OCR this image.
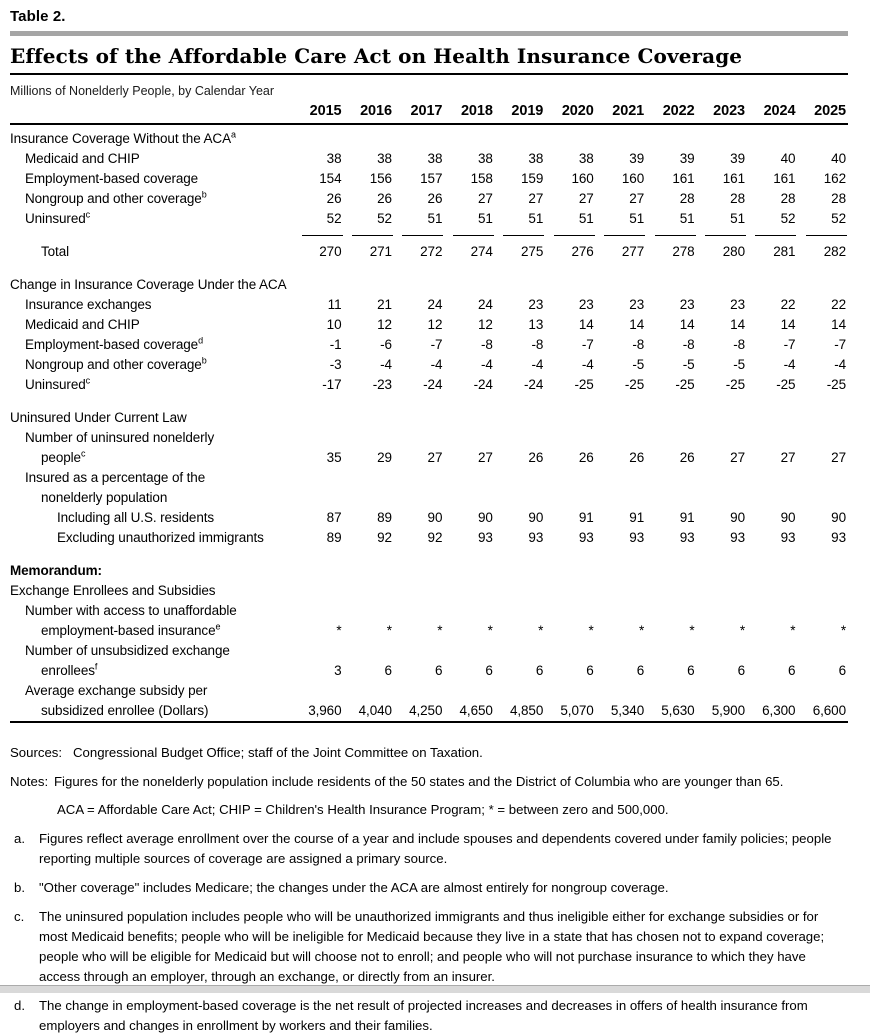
Table 2.
Effects of the Affordable Care Act on Health Insurance Coverage
Millions of Nonelderly People, by Calendar Year
	2015	2016	2017	2018	2019	2020	2021	2022	2023	2024	2025
Insurance Coverage Without the ACA$^a$
Medicaid and CHIP	38	38	38	38	38	38	39	39	39	40	40
Employment-based coverage	154	156	157	158	159	160	160	161	161	161	162
Nongroup and other coverage$^b$	26	26	26	27	27	27	27	28	28	28	28
Uninsured$^c$	52	52	51	51	51	51	51	51	51	52	52

Total	270	271	272	274	275	276	277	278	280	281	282
Change in Insurance Coverage Under the ACA											
Insurance exchanges	11	21	24	24	23	23	23	23	23	22	22
Medicaid and CHIP	10	12	12	12	13	14	14	14	14	14	14
Employment-based coverage$^d$	-1	-6	-7	-8	-8	-7	-8	-8	-8	-7	-7
Nongroup and other coverage$^b$	-3	-4	-4	-4	-4	-4	-5	-5	-5	-4	-4
Uninsured$^c$	-17	-23	-24	-24	-24	-25	-25	-25	-25	-25	-25
Uninsured Under Current Law											
Number of uninsured nonelderly											
people$^c$	35	29	27	27	26	26	26	26	27	27	27
Insured as a percentage of the											
nonelderly population											
Including all U.S. residents	87	89	90	90	90	91	91	91	90	90	90
Excluding unauthorized immigrants	89	92	92	93	93	93	93	93	93	93	93
Memorandum:											
Exchange Enrollees and Subsidies											
Number with access to unaffordable											
employment-based insurance$^e$	*	*	*	*	*	*	*	*	*	*	*
Number of unsubsidized exchange											
enrollees$^f$	3	6	6	6	6	6	6	6	6	6	6
Average exchange subsidy per											
subsidized enrollee (Dollars)	3,960	4,040	4,250	4,650	4,850	5,070	5,340	5,630	5,900	6,300	6,600
Sources: Congressional Budget Office; staff of the Joint Committee on Taxation.
Notes: Figures for the nonelderly population include residents of the 50 states and the District of Columbia who are younger than 65.
ACA = Affordable Care Act; CHIP = Children's Health Insurance Program; * = between zero and 500,000.
a.	Figures reflect average enrollment over the course of a year and include spouses and dependents covered under family policies; people reporting multiple sources of coverage are assigned a primary source.
b.	"Other coverage" includes Medicare; the changes under the ACA are almost entirely for nongroup coverage.
c.	The uninsured population includes people who will be unauthorized immigrants and thus ineligible either for exchange subsidies or for most Medicaid benefits; people who will be ineligible for Medicaid because they live in a state that has chosen not to expand coverage; people who will be eligible for Medicaid but will choose not to enroll; and people who will not purchase insurance to which they have access through an employer, through an exchange, or directly from an insurer.
d.	The change in employment-based coverage is the net result of projected increases and decreases in offers of health insurance from employers and changes in enrollment by workers and their families.
